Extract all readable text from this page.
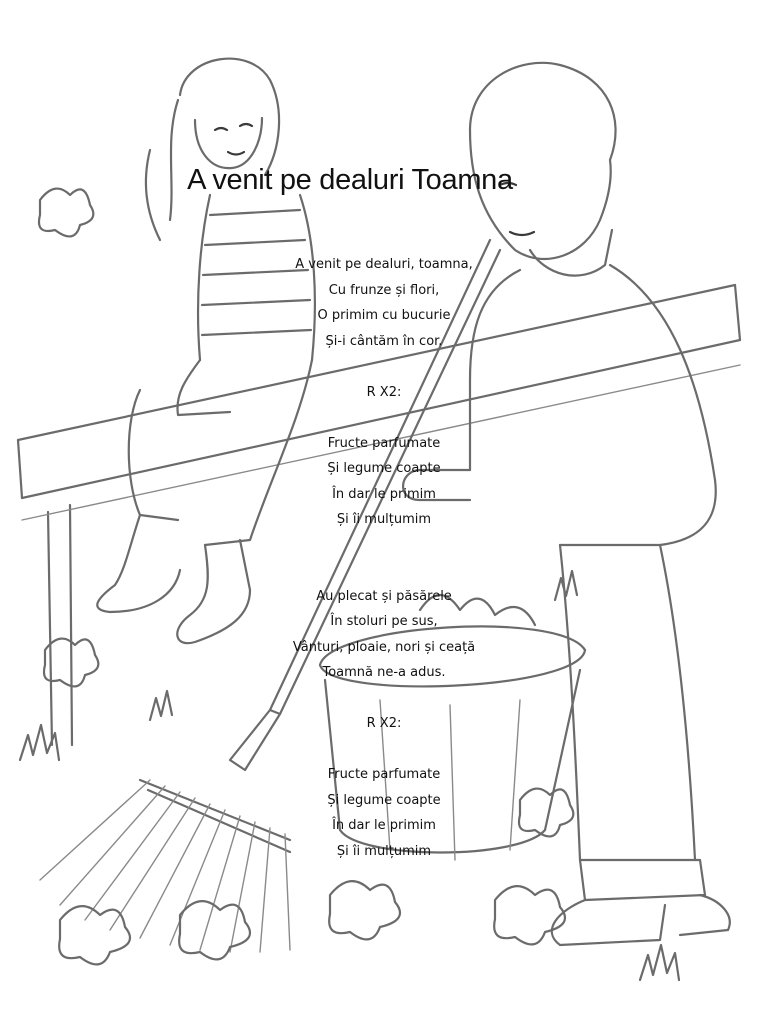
A venit pe dealuri Toamna
A venit pe dealuri, toamna,
Cu frunze și flori,
O primim cu bucurie
Și-i cântăm în cor.
R X2:
Fructe parfumate
Și legume coapte
În dar le primim
Și îi mulțumim
Au plecat și păsărele
În stoluri pe sus,
Vânturi, ploaie, nori și ceață
Toamnă ne-a adus.
R X2:
Fructe parfumate
Și legume coapte
În dar le primim
Și îi mulțumim
